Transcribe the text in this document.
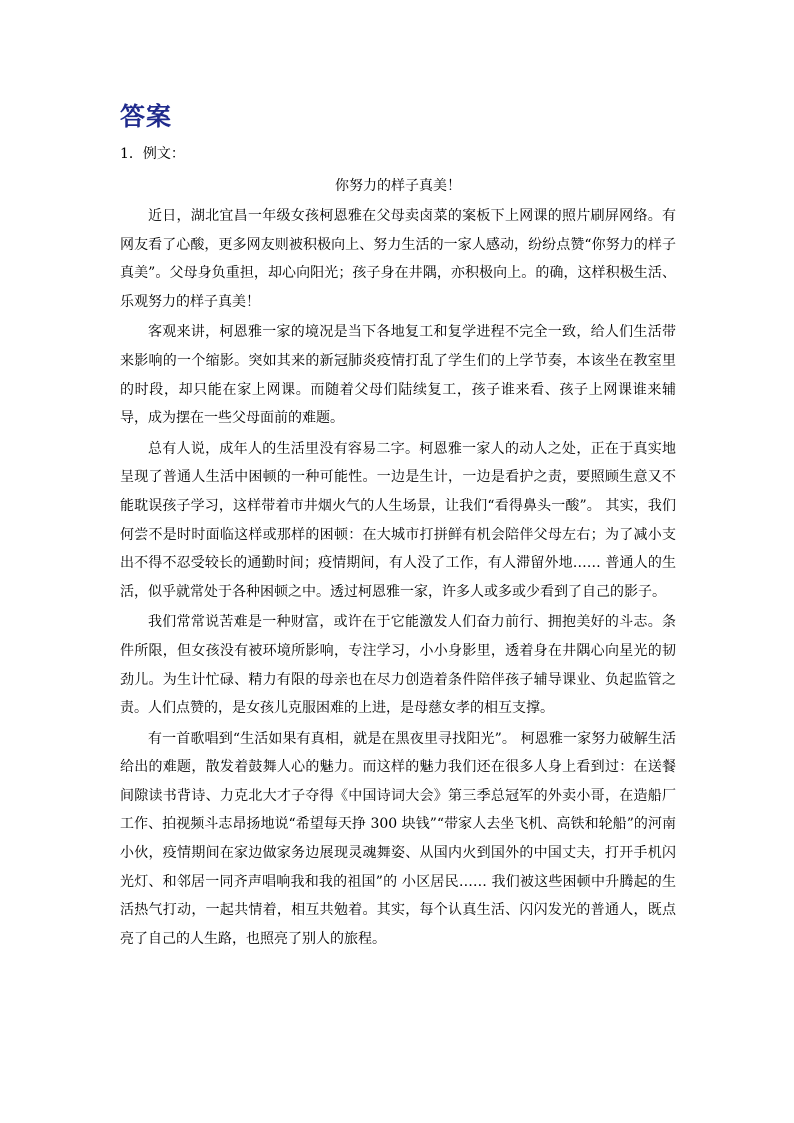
答案

1．例文：

你努力的样子真美！

近日，湖北宜昌一年级女孩柯恩雅在父母卖卤菜的案板下上网课的照片刷屏网络。有网友看了心酸，更多网友则被积极向上、努力生活的一家人感动，纷纷点赞“你努力的样子真美”。父母身负重担，却心向阳光；孩子身在井隅，亦积极向上。的确，这样积极生活、乐观努力的样子真美！

客观来讲，柯恩雅一家的境况是当下各地复工和复学进程不完全一致，给人们生活带来影响的一个缩影。突如其来的新冠肺炎疫情打乱了学生们的上学节奏，本该坐在教室里的时段，却只能在家上网课。而随着父母们陆续复工，孩子谁来看、孩子上网课谁来辅导，成为摆在一些父母面前的难题。

总有人说，成年人的生活里没有容易二字。柯恩雅一家人的动人之处，正在于真实地呈现了普通人生活中困顿的一种可能性。一边是生计，一边是看护之责，要照顾生意又不能耽误孩子学习，这样带着市井烟火气的人生场景，让我们“看得鼻头一酸”。 其实，我们何尝不是时时面临这样或那样的困顿：在大城市打拼鲜有机会陪伴父母左右；为了减小支出不得不忍受较长的通勤时间；疫情期间，有人没了工作，有人滞留外地…… 普通人的生活，似乎就常处于各种困顿之中。透过柯恩雅一家，许多人或多或少看到了自己的影子。

我们常常说苦难是一种财富，或许在于它能激发人们奋力前行、拥抱美好的斗志。条件所限，但女孩没有被环境所影响，专注学习，小小身影里，透着身在井隅心向星光的韧劲儿。为生计忙碌、精力有限的母亲也在尽力创造着条件陪伴孩子辅导课业、负起监管之责。人们点赞的，是女孩儿克服困难的上进，是母慈女孝的相互支撑。

有一首歌唱到“生活如果有真相，就是在黑夜里寻找阳光”。 柯恩雅一家努力破解生活给出的难题，散发着鼓舞人心的魅力。而这样的魅力我们还在很多人身上看到过：在送餐间隙读书背诗、力克北大才子夺得《中国诗词大会》第三季总冠军的外卖小哥，在造船厂工作、拍视频斗志昂扬地说“希望每天挣 300 块钱”“带家人去坐飞机、高铁和轮船”的河南小伙，疫情期间在家边做家务边展现灵魂舞姿、从国内火到国外的中国丈夫，打开手机闪光灯、和邻居一同齐声唱响我和我的祖国”的 小区居民…… 我们被这些困顿中升腾起的生活热气打动，一起共情着，相互共勉着。其实，每个认真生活、闪闪发光的普通人，既点亮了自己的人生路，也照亮了别人的旅程。
